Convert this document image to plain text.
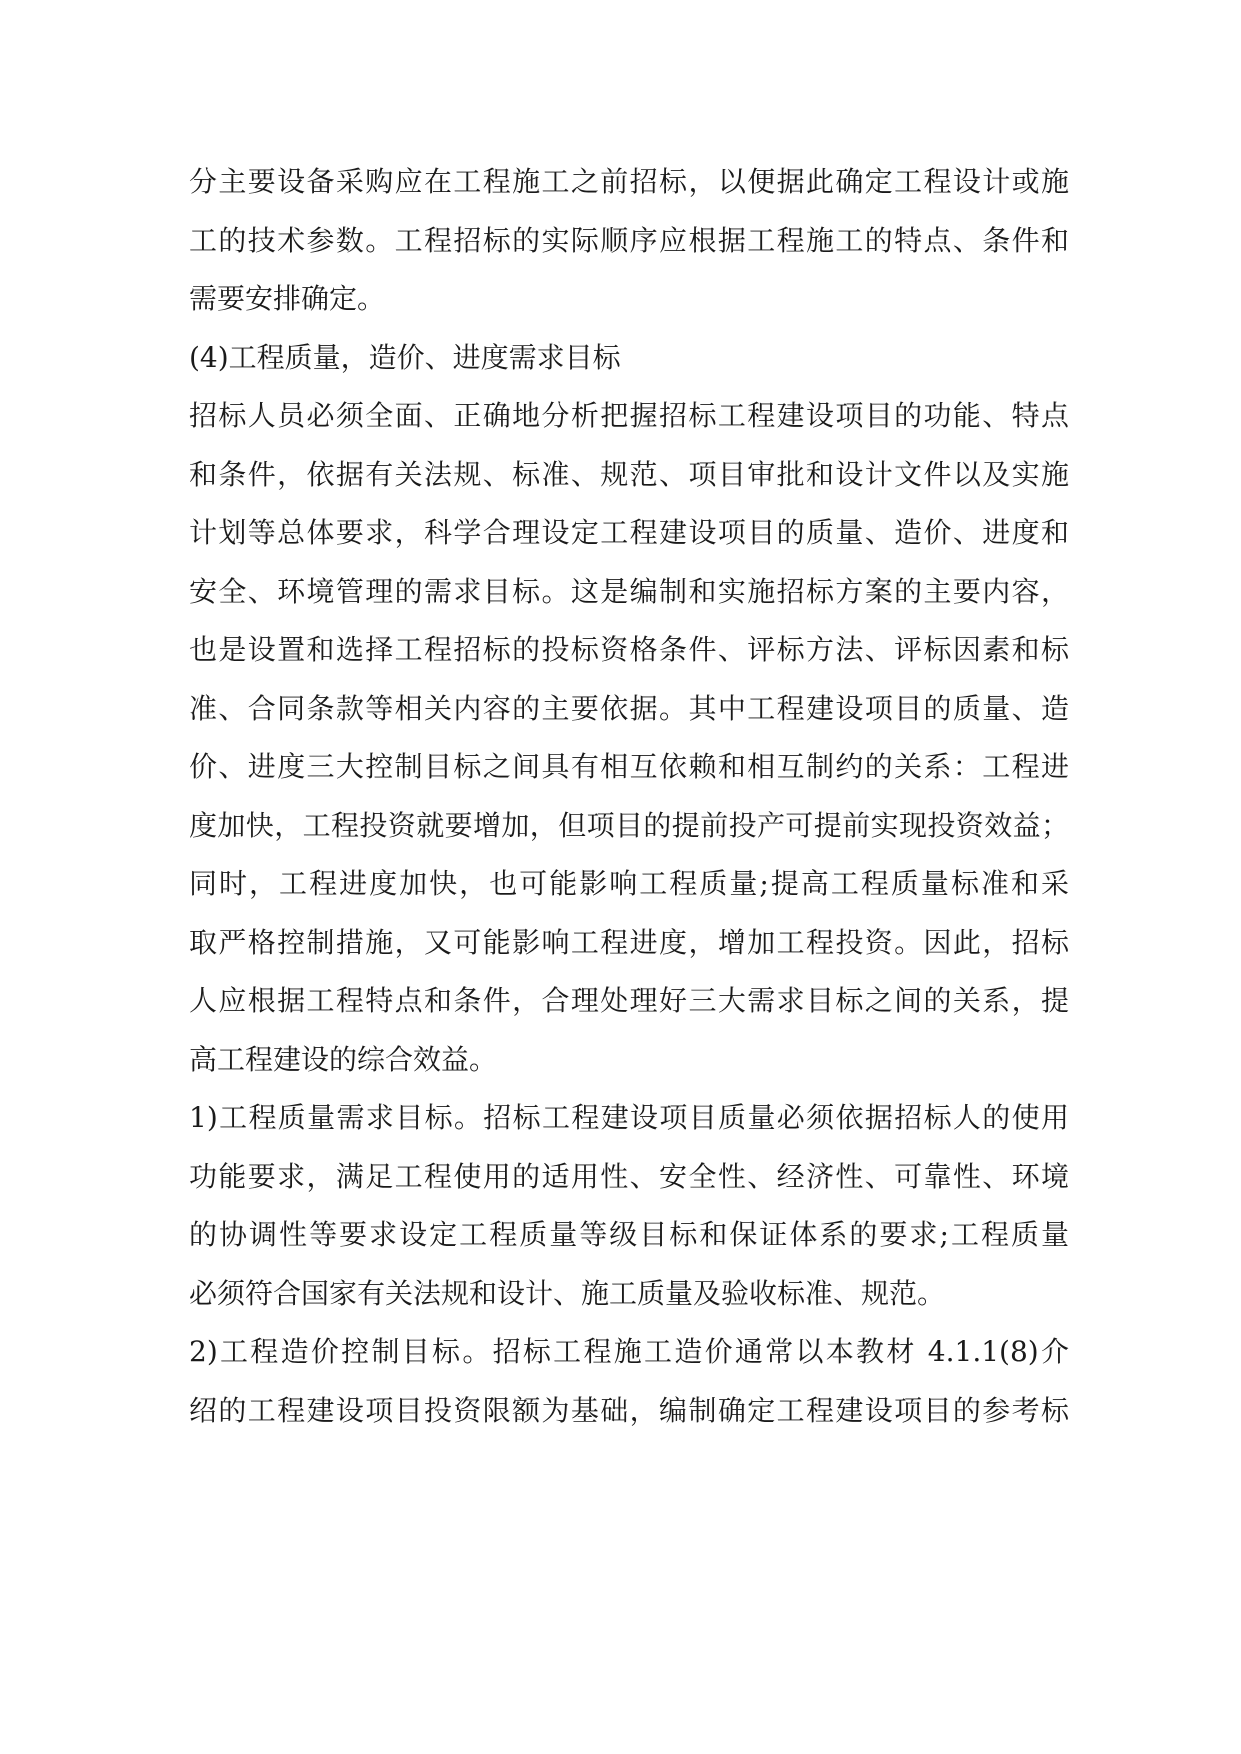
分主要设备采购应在工程施工之前招标，以便据此确定工程设计或施
工的技术参数。工程招标的实际顺序应根据工程施工的特点、条件和
需要安排确定。
(4)工程质量，造价、进度需求目标
招标人员必须全面、正确地分析把握招标工程建设项目的功能、特点
和条件，依据有关法规、标准、规范、项目审批和设计文件以及实施
计划等总体要求，科学合理设定工程建设项目的质量、造价、进度和
安全、环境管理的需求目标。这是编制和实施招标方案的主要内容，
也是设置和选择工程招标的投标资格条件、评标方法、评标因素和标
准、合同条款等相关内容的主要依据。其中工程建设项目的质量、造
价、进度三大控制目标之间具有相互依赖和相互制约的关系：工程进
度加快，工程投资就要增加，但项目的提前投产可提前实现投资效益；
同时，工程进度加快，也可能影响工程质量;提高工程质量标准和采
取严格控制措施，又可能影响工程进度，增加工程投资。因此，招标
人应根据工程特点和条件，合理处理好三大需求目标之间的关系，提
高工程建设的综合效益。
1)工程质量需求目标。招标工程建设项目质量必须依据招标人的使用
功能要求，满足工程使用的适用性、安全性、经济性、可靠性、环境
的协调性等要求设定工程质量等级目标和保证体系的要求;工程质量
必须符合国家有关法规和设计、施工质量及验收标准、规范。
2)工程造价控制目标。招标工程施工造价通常以本教材 4.1.1(8)介
绍的工程建设项目投资限额为基础，编制确定工程建设项目的参考标
